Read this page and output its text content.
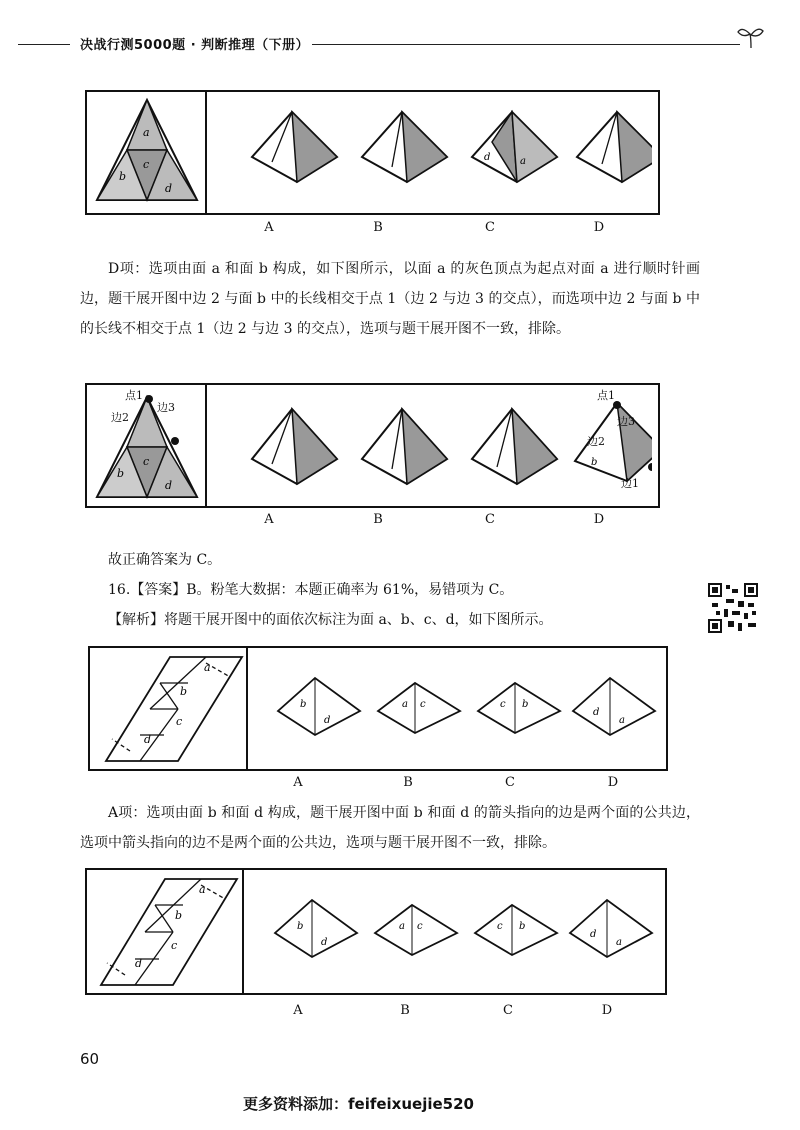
决战行测5000题 · 判断推理（下册）
a
c
b
d
d	a
A	B	C	D

D项：选项由面 a 和面 b 构成，如下图所示，以面 a 的灰色顶点为起点对面 a 进行顺时针画边，题干展开图中边 2 与面 b 中的长线相交于点 1（边 2 与边 3 的交点），而选项中边 2 与面 b 中的长线不相交于点 1（边 2 与边 3 的交点），选项与题干展开图不一致，排除。

c
b
d
点1
边2
边3
b
点1
边3
边2
边1
A	B	C	D

故正确答案为 C。

16.【答案】B。粉笔大数据：本题正确率为 61%，易错项为 C。

【解析】将题干展开图中的面依次标注为面 a、b、c、d，如下图所示。

a
b
c
d
b
d
a c	c b
d
a
A	B	C	D

A项：选项由面 b 和面 d 构成，题干展开图中面 b 和面 d 的箭头指向的边是两个面的公共边，选项中箭头指向的边不是两个面的公共边，选项与题干展开图不一致，排除。

a
b
c
d
b
d
a c	c b
d
a
A	B	C	D
60
更多资料添加：feifeixuejie520
